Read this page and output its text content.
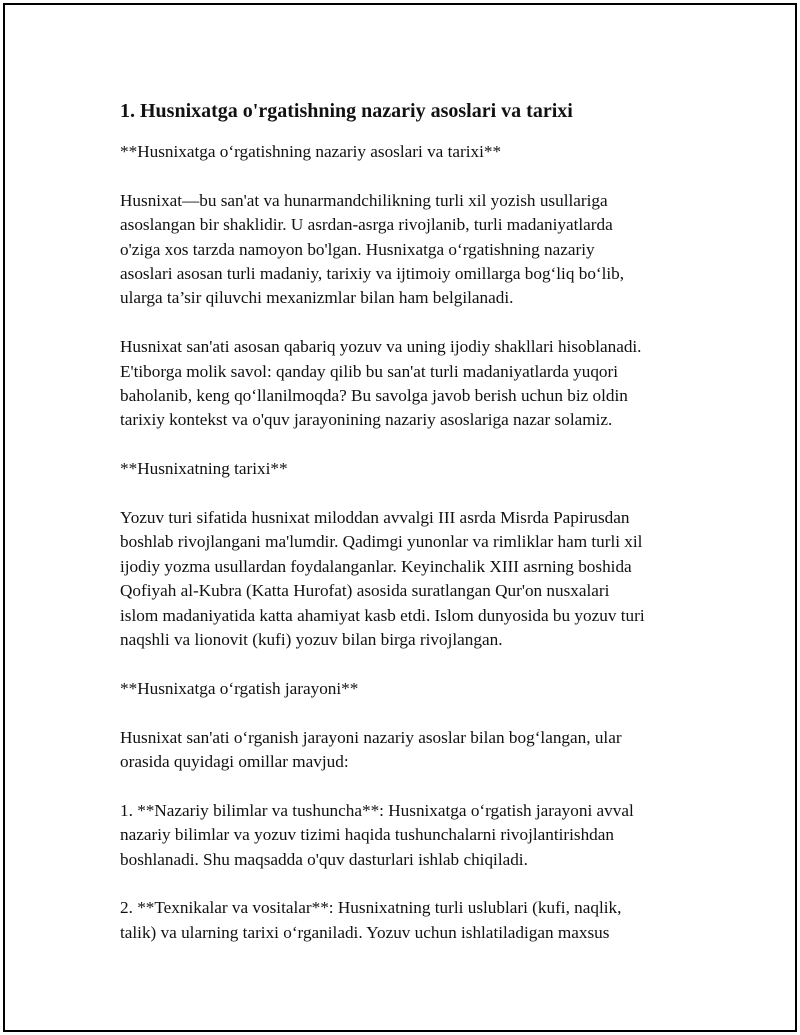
1. Husnixatga o'rgatishning nazariy asoslari va tarixi

**Husnixatga o‘rgatishning nazariy asoslari va tarixi**

Husnixat—bu san'at va hunarmandchilikning turli xil yozish usullariga
asoslangan bir shaklidir. U asrdan-asrga rivojlanib, turli madaniyatlarda
o'ziga xos tarzda namoyon bo'lgan. Husnixatga o‘rgatishning nazariy
asoslari asosan turli madaniy, tarixiy va ijtimoiy omillarga bog‘liq bo‘lib,
ularga ta’sir qiluvchi mexanizmlar bilan ham belgilanadi.

Husnixat san'ati asosan qabariq yozuv va uning ijodiy shakllari hisoblanadi.
E'tiborga molik savol: qanday qilib bu san'at turli madaniyatlarda yuqori
baholanib, keng qo‘llanilmoqda? Bu savolga javob berish uchun biz oldin
tarixiy kontekst va o'quv jarayonining nazariy asoslariga nazar solamiz.

**Husnixatning tarixi**

Yozuv turi sifatida husnixat miloddan avvalgi III asrda Misrda Papirusdan
boshlab rivojlangani ma'lumdir. Qadimgi yunonlar va rimliklar ham turli xil
ijodiy yozma usullardan foydalanganlar. Keyinchalik XIII asrning boshida
Qofiyah al-Kubra (Katta Hurofat) asosida suratlangan Qur'on nusxalari
islom madaniyatida katta ahamiyat kasb etdi. Islom dunyosida bu yozuv turi
naqshli va lionovit (kufi) yozuv bilan birga rivojlangan.

**Husnixatga o‘rgatish jarayoni**

Husnixat san'ati o‘rganish jarayoni nazariy asoslar bilan bog‘langan, ular
orasida quyidagi omillar mavjud:

1. **Nazariy bilimlar va tushuncha**: Husnixatga o‘rgatish jarayoni avval
nazariy bilimlar va yozuv tizimi haqida tushunchalarni rivojlantirishdan
boshlanadi. Shu maqsadda o'quv dasturlari ishlab chiqiladi.

2. **Texnikalar va vositalar**: Husnixatning turli uslublari (kufi, naqlik,
talik) va ularning tarixi o‘rganiladi. Yozuv uchun ishlatiladigan maxsus
